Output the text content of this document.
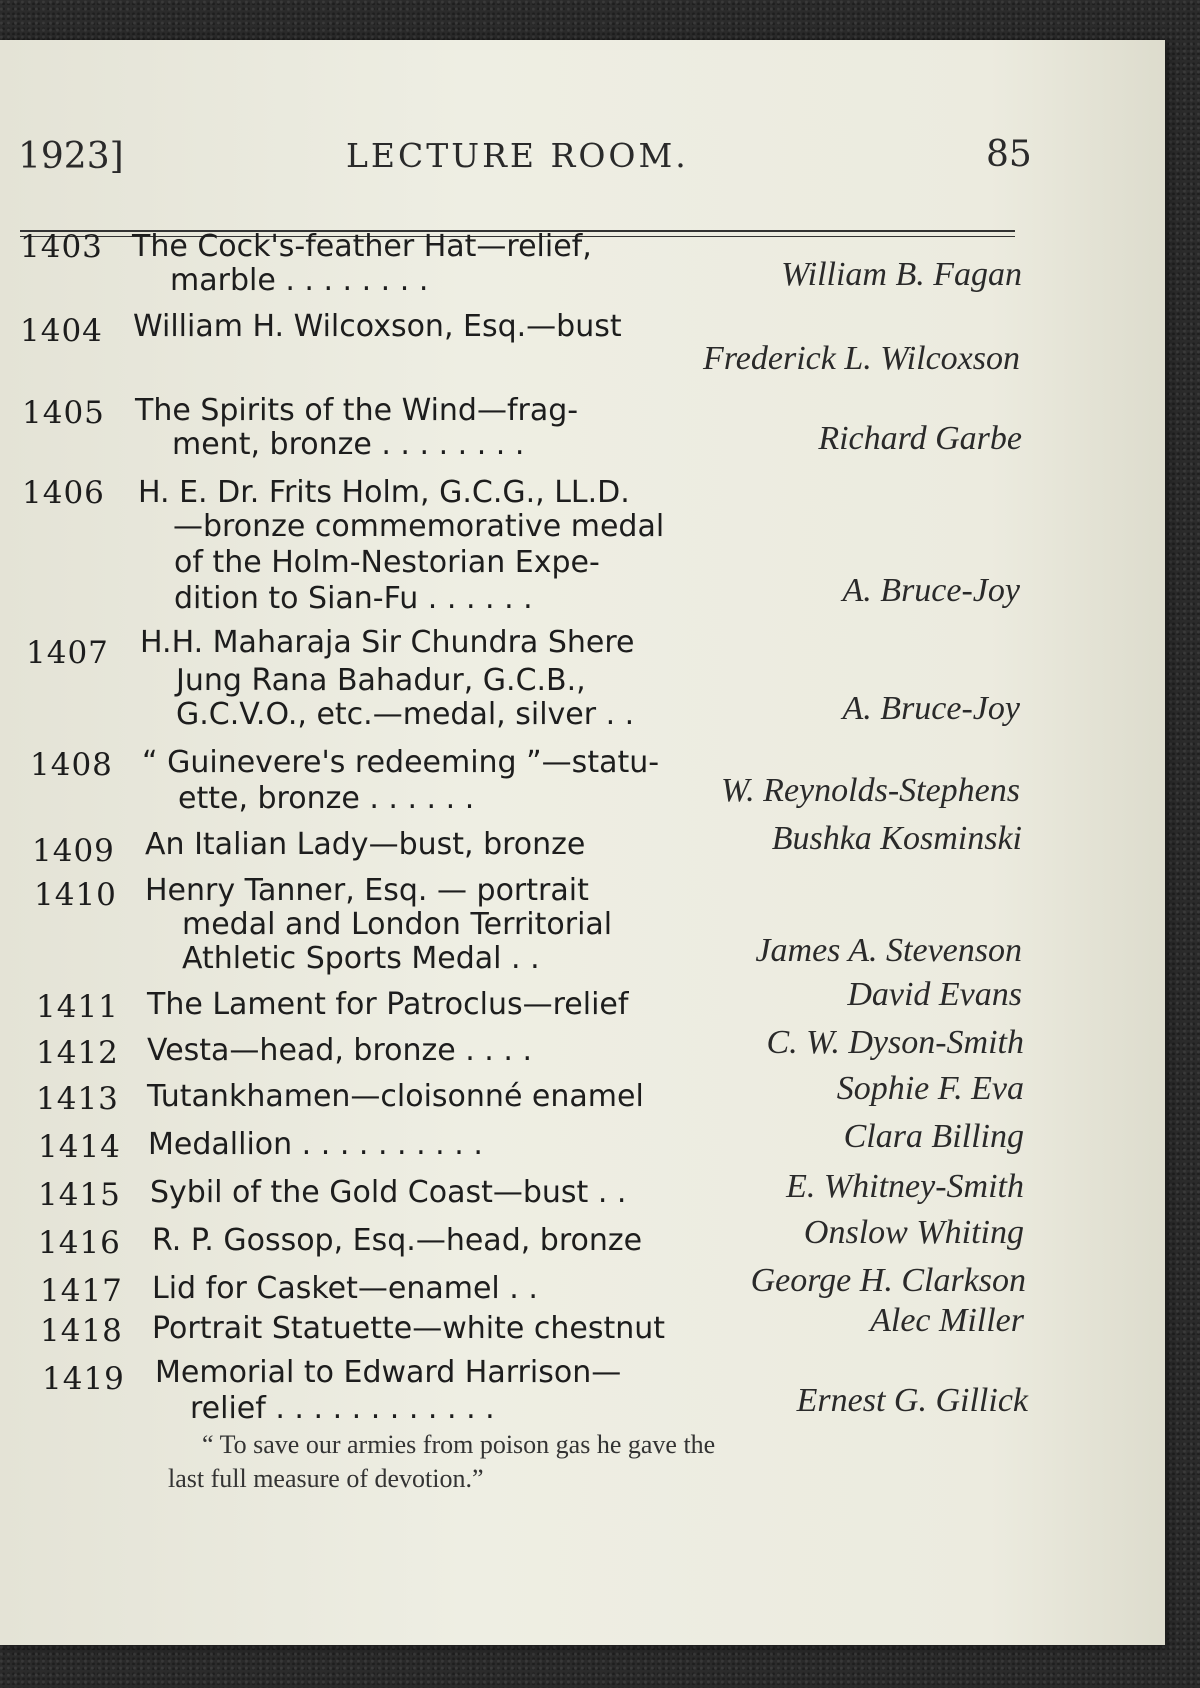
1923]	LECTURE ROOM.	85
1403 The Cock's-feather Hat—relief,
marble . . . . . . . .	William B. Fagan
1404 William H. Wilcoxson, Esq.—bust
Frederick L. Wilcoxson
1405 The Spirits of the Wind—frag-
ment, bronze . . . . . . . .	Richard Garbe
1406 H. E. Dr. Frits Holm, G.C.G., LL.D.
—bronze commemorative medal
of the Holm-Nestorian Expe-
dition to Sian-Fu . . . . . .	A. Bruce-Joy
1407 H.H. Maharaja Sir Chundra Shere
Jung Rana Bahadur, G.C.B.,
G.C.V.O., etc.—medal, silver . .	A. Bruce-Joy
1408 “ Guinevere's redeeming ”—statu-
ette, bronze . . . . . .	W. Reynolds-Stephens
1409 An Italian Lady—bust, bronze	Bushka Kosminski
1410 Henry Tanner, Esq. — portrait
medal and London Territorial
Athletic Sports Medal . .	James A. Stevenson
1411 The Lament for Patroclus—relief	David Evans
1412 Vesta—head, bronze . . . .	C. W. Dyson-Smith
1413 Tutankhamen—cloisonné enamel	Sophie F. Eva
1414 Medallion . . . . . . . . . .	Clara Billing
1415 Sybil of the Gold Coast—bust . .	E. Whitney-Smith
1416 R. P. Gossop, Esq.—head, bronze	Onslow Whiting
1417 Lid for Casket—enamel . .	George H. Clarkson
1418 Portrait Statuette—white chestnut	Alec Miller
1419 Memorial to Edward Harrison—
relief . . . . . . . . . . . .	Ernest G. Gillick
“ To save our armies from poison gas he gave the
last full measure of devotion.”
